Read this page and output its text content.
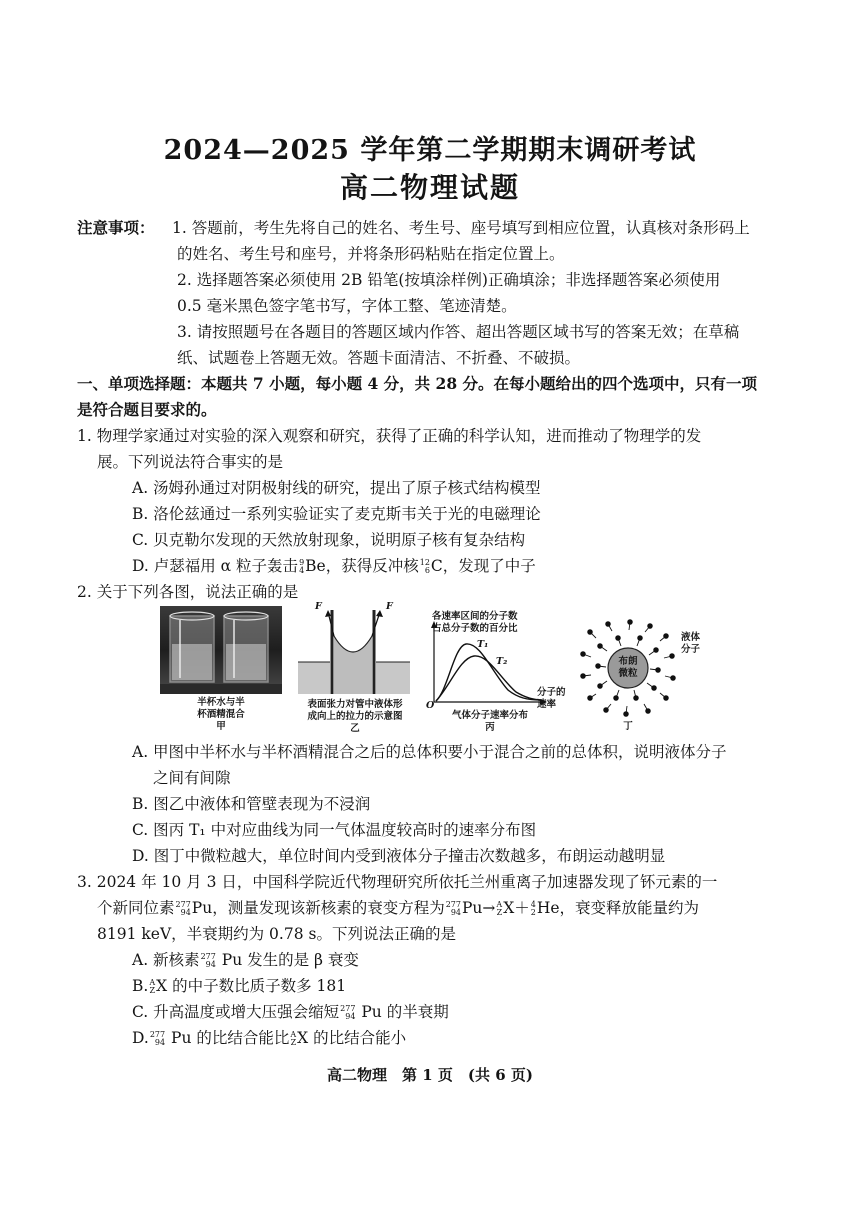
2024—2025 学年第二学期期末调研考试
高二物理试题
注意事项： 1. 答题前，考生先将自己的姓名、考生号、座号填写到相应位置，认真核对条形码上
的姓名、考生号和座号，并将条形码粘贴在指定位置上。
2. 选择题答案必须使用 2B 铅笔(按填涂样例)正确填涂；非选择题答案必须使用
0.5 毫米黑色签字笔书写，字体工整、笔迹清楚。
3. 请按照题号在各题目的答题区域内作答、超出答题区域书写的答案无效；在草稿
纸、试题卷上答题无效。答题卡面清洁、不折叠、不破损。
一、单项选择题：本题共 7 小题，每小题 4 分，共 28 分。在每小题给出的四个选项中，只有一项
是符合题目要求的。
1. 物理学家通过对实验的深入观察和研究，获得了正确的科学认知，进而推动了物理学的发
展。下列说法符合事实的是
A. 汤姆孙通过对阴极射线的研究，提出了原子核式结构模型
B. 洛伦兹通过一系列实验证实了麦克斯韦关于光的电磁理论
C. 贝克勒尔发现的天然放射现象，说明原子核有复杂结构
D. 卢瑟福用 α 粒子轰击 9
4 Be，获得反冲核 12
6 C，发现了中子
2. 关于下列各图，说法正确的是
半杯水与半
杯酒精混合
甲
F	F
表面张力对管中液体形
成向上的拉力的示意图
乙
各速率区间的分子数
占总分子数的百分比
T₁
T₂
分子的
速率
O
气体分子速率分布
丙
布朗
微粒
液体
分子
丁
A. 甲图中半杯水与半杯酒精混合之后的总体积要小于混合之前的总体积，说明液体分子
之间有间隙
B. 图乙中液体和管壁表现为不浸润
C. 图丙 T₁ 中对应曲线为同一气体温度较高时的速率分布图
D. 图丁中微粒越大，单位时间内受到液体分子撞击次数越多，布朗运动越明显
3. 2024 年 10 月 3 日，中国科学院近代物理研究所依托兰州重离子加速器发现了钚元素的一
个新同位素 277
94 Pu，测量发现该新核素的衰变方程为 277
94 Pu→ A
Z X＋ 4
2 He，衰变释放能量约为
8191 keV，半衰期约为 0.78 s。下列说法正确的是
A. 新核素 277
94 Pu 发生的是 β 衰变
B. A
Z X 的中子数比质子数多 181
C. 升高温度或增大压强会缩短 277
94 Pu 的半衰期
D. 277
94 Pu 的比结合能比 A
Z X 的比结合能小
高二物理　第 1 页　(共 6 页)
